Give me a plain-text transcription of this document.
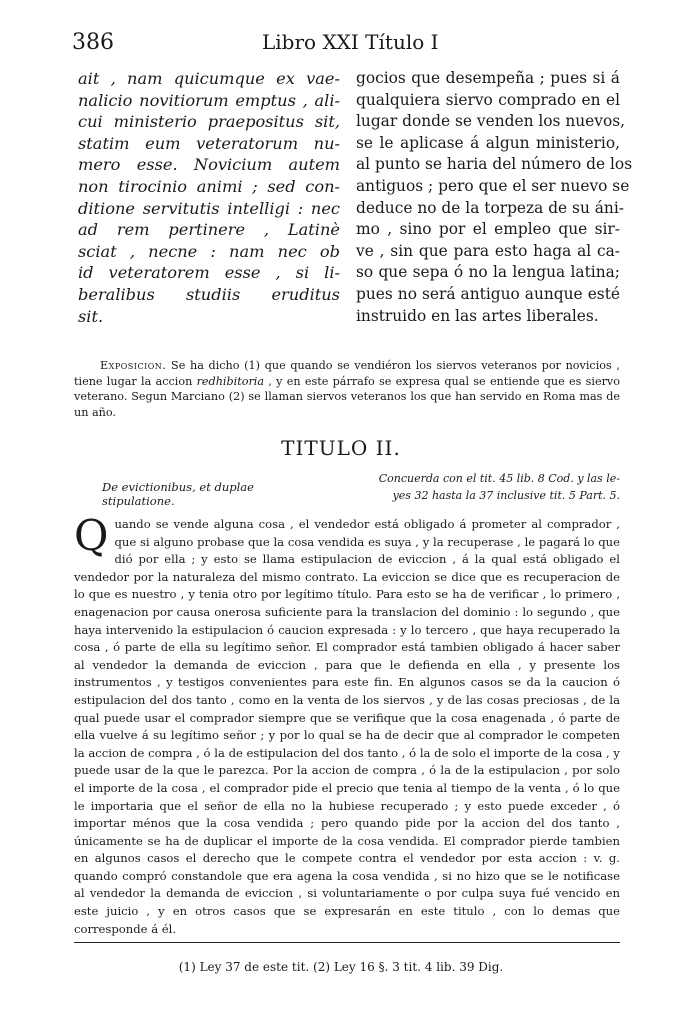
386	Libro XXI Título I

ait , nam quicumque ex vae-

nalicio novitiorum emptus , ali-

cui ministerio praepositus sit,

statim eum veteratorum nu-

mero esse. Novicium autem

non tirocinio animi ; sed con-

ditione servitutis intelligi : nec

ad rem pertinere , Latinè

sciat , necne : nam nec ob

id veteratorem esse , si li-

beralibus studiis eruditus

sit.

gocios que desempeña ; pues si á

qualquiera siervo comprado en el

lugar donde se venden los nuevos,

se le aplicase á algun ministerio,

al punto se haria del número de los

antiguos ; pero que el ser nuevo se

deduce no de la torpeza de su áni-

mo , sino por el empleo que sir-

ve , sin que para esto haga al ca-

so que sepa ó no la lengua latina;

pues no será antiguo aunque esté

instruido en las artes liberales.

Exposicion. Se ha dicho (1) que quando se vendiéron los siervos veteranos por novicios , tiene lugar la accion redhibitoria , y en este párrafo se expresa qual se entiende que es siervo veterano. Segun Marciano (2) se llaman siervos veteranos los que han servido en Roma mas de un año.

TITULO II.
De evictionibus, et duplae stipulatione.
Concuerda con el tit. 45 lib. 8 Cod. y las le-
yes 32 hasta la 37 inclusive tit. 5 Part. 5.

Quando se vende alguna cosa , el vendedor está obligado á prometer al comprador , que si alguno probase que la cosa vendida es suya , y la recuperase , le pagará lo que dió por ella ; y esto se llama estipulacion de eviccion , á la qual está obligado el vendedor por la naturaleza del mismo contrato. La eviccion se dice que es recuperacion de lo que es nuestro , y tenia otro por legítimo título. Para esto se ha de verificar , lo primero , enagenacion por causa onerosa suficiente para la translacion del dominio : lo segundo , que haya intervenido la estipulacion ó caucion expresada : y lo tercero , que haya recuperado la cosa , ó parte de ella su legítimo señor. El comprador está tambien obligado á hacer saber al vendedor la demanda de eviccion , para que le defienda en ella , y presente los instrumentos , y testigos convenientes para este fin. En algunos casos se da la caucion ó estipulacion del dos tanto , como en la venta de los siervos , y de las cosas preciosas , de la qual puede usar el comprador siempre que se verifique que la cosa enagenada , ó parte de ella vuelve á su legítimo señor ; y por lo qual se ha de decir que al comprador le competen la accion de compra , ó la de estipulacion del dos tanto , ó la de solo el importe de la cosa , y puede usar de la que le parezca. Por la accion de compra , ó la de la estipulacion , por solo el importe de la cosa , el comprador pide el precio que tenia al tiempo de la venta , ó lo que le importaria que el señor de ella no la hubiese recuperado ; y esto puede exceder , ó importar ménos que la cosa vendida ; pero quando pide por la accion del dos tanto , únicamente se ha de duplicar el importe de la cosa vendida. El comprador pierde tambien en algunos casos el derecho que le compete contra el vendedor por esta accion : v. g. quando compró constandole que era agena la cosa vendida , si no hizo que se le notificase al vendedor la demanda de eviccion , si voluntariamente o por culpa suya fué vencido en este juicio , y en otros casos que se expresarán en este titulo , con lo demas que corresponde á él.

(1) Ley 37 de este tit. (2) Ley 16 §. 3 tit. 4 lib. 39 Dig.
